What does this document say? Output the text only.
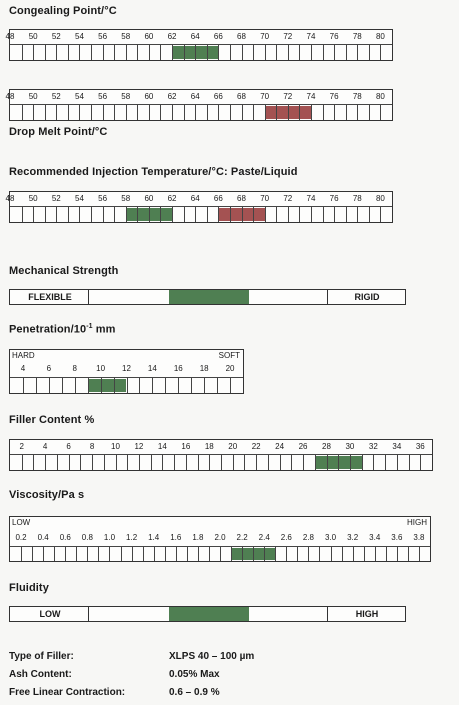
Congealing Point/°C
48 50 52 54 56 58 60 62 64 66 68 70 72 74 76 78 80
48 50 52 54 56 58 60 62 64 66 68 70 72 74 76 78 80
Drop Melt Point/°C
Recommended Injection Temperature/°C: Paste/Liquid
48 50 52 54 56 58 60 62 64 66 68 70 72 74 76 78 80
Mechanical Strength
FLEXIBLE	RIGID
Penetration/$10^{-1}$ mm
HARD	SOFT
4	6	8 10 12 14 16 18 20
Filler Content %
2 4 6 8 10 12 14 16 18 20 22 24 26 28 30 32 34 36
Viscosity/Pa s
LOW	HIGH
0.2 0.4 0.6 0.8 1.0 1.2 1.4 1.6 1.8 2.0 2.2 2.4 2.6 2.8 3.0 3.2 3.4 3.6 3.8
Fluidity
LOW	HIGH
Type of Filler:	XLPS 40 – 100 µm
Ash Content:	0.05% Max
Free Linear Contraction:	0.6 – 0.9 %
